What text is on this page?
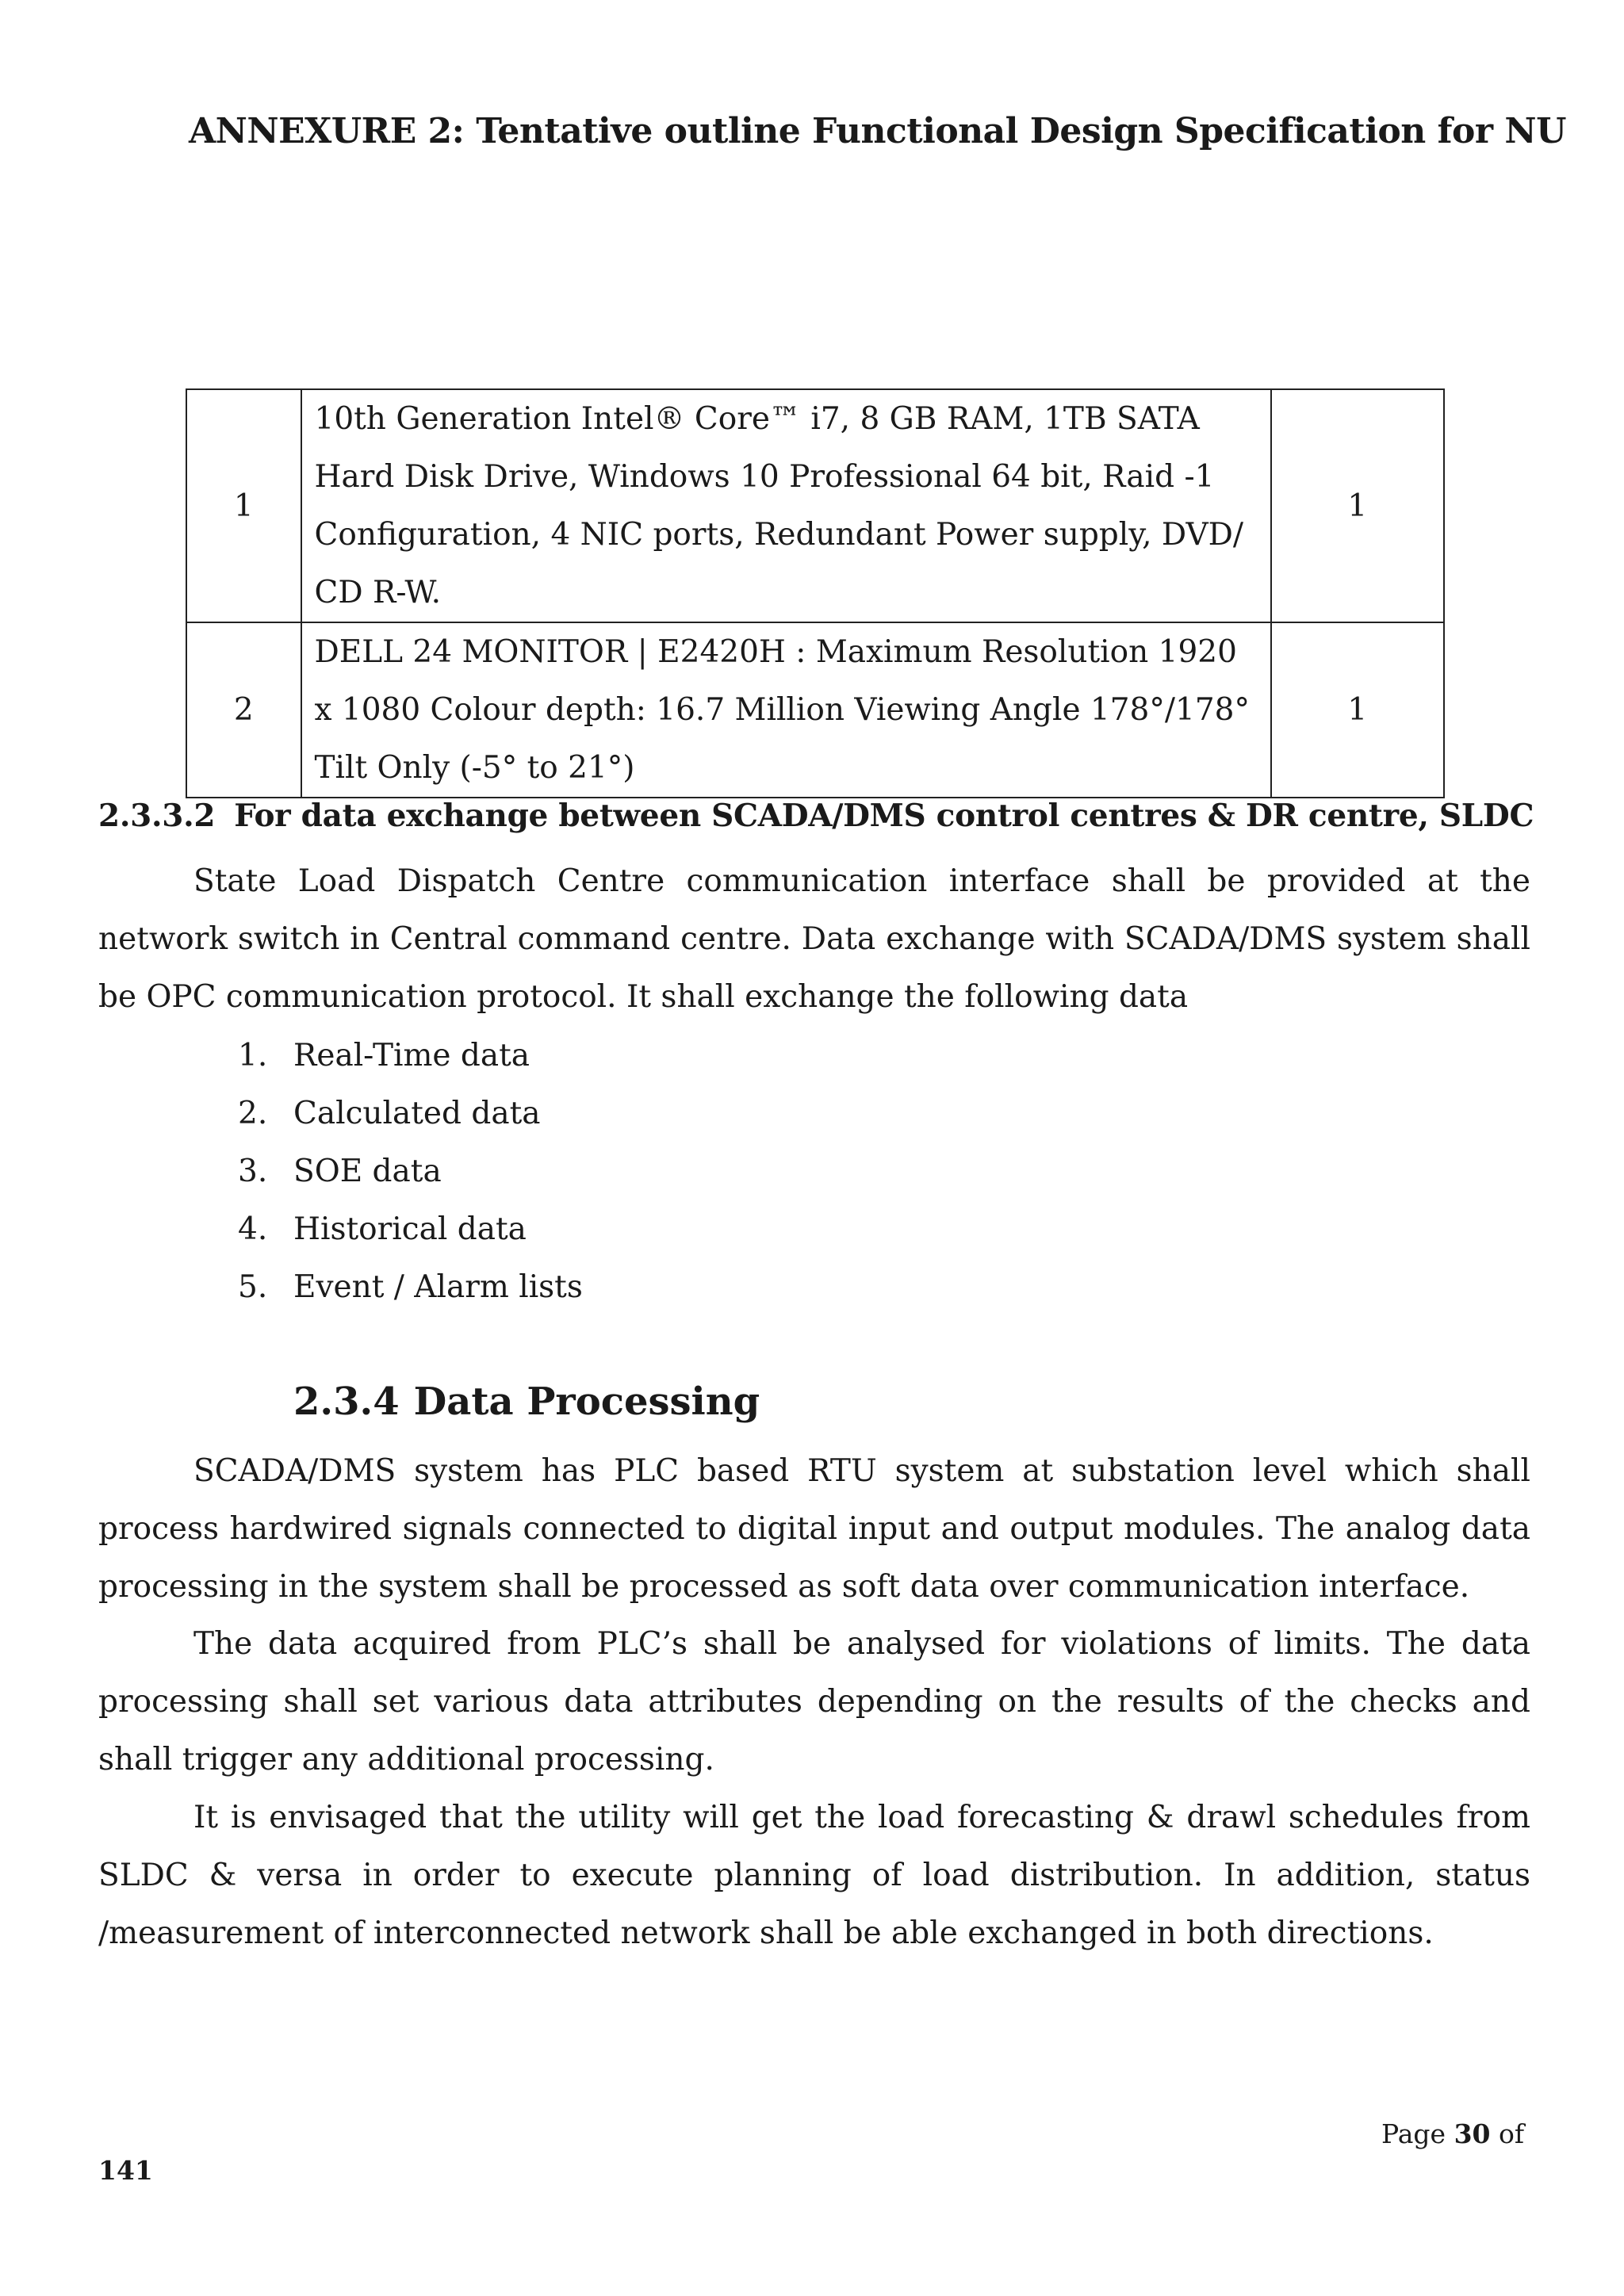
ANNEXURE 2: Tentative outline Functional Design Specification for NU
1	10th Generation Intel® Core™ i7, 8 GB RAM, 1TB SATA Hard Disk Drive, Windows 10 Professional 64 bit, Raid -1 Configuration, 4 NIC ports, Redundant Power supply, DVD/ CD R-W.	1
2	DELL 24 MONITOR | E2420H : Maximum Resolution 1920 x 1080 Colour depth: 16.7 Million Viewing Angle 178°/178° Tilt Only (-5° to 21°)	1
2.3.3.2 For data exchange between SCADA/DMS control centres & DR centre, SLDC

State Load Dispatch Centre communication interface shall be provided at the network switch in Central command centre. Data exchange with SCADA/DMS system shall be OPC communication protocol. It shall exchange the following data

1. Real-Time data
2. Calculated data
3. SOE data
4. Historical data
5. Event / Alarm lists
2.3.4 Data Processing

SCADA/DMS system has PLC based RTU system at substation level which shall process hardwired signals connected to digital input and output modules. The analog data processing in the system shall be processed as soft data over communication interface.

The data acquired from PLC’s shall be analysed for violations of limits. The data processing shall set various data attributes depending on the results of the checks and shall trigger any additional processing.

It is envisaged that the utility will get the load forecasting & drawl schedules from SLDC & versa in order to execute planning of load distribution. In addition, status /measurement of interconnected network shall be able exchanged in both directions.

Page 30 of
141
